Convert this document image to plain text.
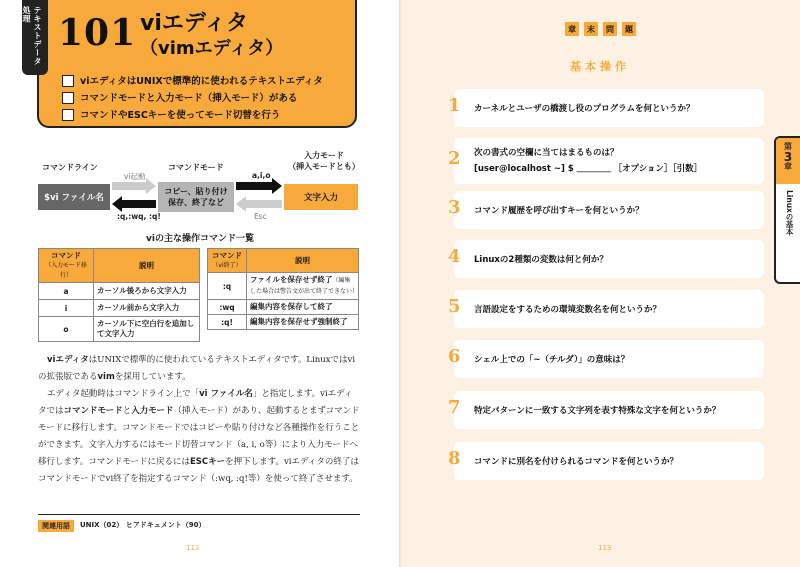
テキストデータ処理 101 viエディタ
（vimエディタ）
viエディタはUNIXで標準的に使われるテキストエディタ
コマンドモードと入力モード（挿入モード）がある
コマンドやESCキーを使ってモード切替を行う
コマンドライン	コマンドモード
入力モード
（挿入モードとも）
$vi ファイル名
コピー、貼り付け
保存、終了など	文字入力
vi起動
:q,:wq, :q!
a,i,o
Esc
viの主な操作コマンド一覧
コマンド
（入力モード移行）	説明
a	カーソル後ろから文字入力
i	カーソル前から文字入力
o	カーソル下に空白行を追加して文字入力
コマンド
（vi終了）	説明
:q	ファイルを保存せず終了（編集した場合は警告文が出て終了できない）
:wq	編集内容を保存して終了
:q!	編集内容を保存せず強制終了

viエディタはUNIXで標準的に使われているテキストエディタです。Linuxではviの拡張版であるvimを採用しています。

エディタ起動時はコマンドライン上で「vi ファイル名」と指定します。viエディタではコマンドモードと入力モード（挿入モード）があり、起動するとまずコマンドモードに移行します。コマンドモードではコピーや貼り付けなど各種操作を行うことができます。文字入力するにはモード切替コマンド（a, i, o等）により入力モードへ移行します。コマンドモードに戻るにはESCキーを押下します。viエディタの終了はコマンドモードでvi終了を指定するコマンド（:wq, :q!等）を使って終了させます。

関連用語	UNIX（02） ヒアドキュメント（90）
112
章	末	問	題
基本操作
1 カーネルとユーザの橋渡し役のプログラムを何というか？
2 次の書式の空欄に当てはまるものは？
[user@localhost ~] $ ＿＿＿＿ ［オプション］［引数］
3 コマンド履歴を呼び出すキーを何というか？
4 Linuxの2種類の変数は何と何か？
5 言語設定をするための環境変数名を何というか？
6 シェル上での「~（チルダ）」の意味は？
7 特定パターンに一致する文字列を表す特殊な文字を何というか？
8 コマンドに別名を付けられるコマンドを何というか？
第
3
章
Linuxの基本
113
